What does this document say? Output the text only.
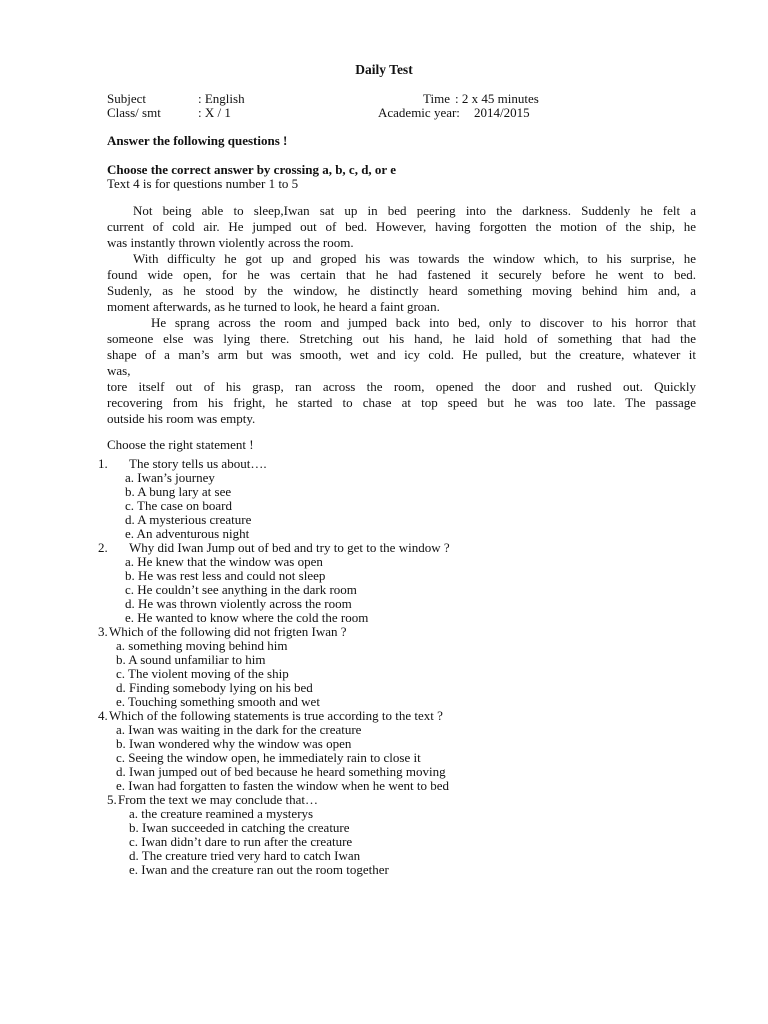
Daily Test
Subject	: English
Class/ smt	: X / 1
Time : 2 x 45 minutes
Academic year: 2014/2015
Answer the following questions !
Choose the correct answer by crossing a, b, c, d, or e
Text 4 is for questions number 1 to 5
Not being able to sleep,Iwan sat up in bed peering into the darkness. Suddenly he felt a
current of cold air. He jumped out of bed. However, having forgotten the motion of the ship, he
was instantly thrown violently across the room.
With difficulty he got up and groped his was towards the window which, to his surprise, he
found wide open, for he was certain that he had fastened it securely before he went to bed.
Sudenly, as he stood by the window, he distinctly heard something moving behind him and, a
moment afterwards, as he turned to look, he heard a faint groan.
He sprang across the room and jumped back into bed, only to discover to his horror that
someone else was lying there. Stretching out his hand, he laid hold of something that had the
shape of a man’s arm but was smooth, wet and icy cold. He pulled, but the creature, whatever it
was,
tore itself out of his grasp, ran across the room, opened the door and rushed out. Quickly
recovering from his fright, he started to chase at top speed but he was too late. The passage
outside his room was empty.
Choose the right statement !
1. The story tells us about….
a. Iwan’s journey
b. A bung lary at see
c. The case on board
d. A mysterious creature
e. An adventurous night
2. Why did Iwan Jump out of bed and try to get to the window ?
a. He knew that the window was open
b. He was rest less and could not sleep
c. He couldn’t see anything in the dark room
d. He was thrown violently across the room
e. He wanted to know where the cold the room
3. Which of the following did not frigten Iwan ?
a. something moving behind him
b. A sound unfamiliar to him
c. The violent moving of the ship
d. Finding somebody lying on his bed
e. Touching something smooth and wet
4. Which of the following statements is true according to the text ?
a. Iwan was waiting in the dark for the creature
b. Iwan wondered why the window was open
c. Seeing the window open, he immediately rain to close it
d. Iwan jumped out of bed because he heard something moving
e. Iwan had forgatten to fasten the window when he went to bed
5. From the text we may conclude that…
a. the creature reamined a mysterys
b. Iwan succeeded in catching the creature
c. Iwan didn’t dare to run after the creature
d. The creature tried very hard to catch Iwan
e. Iwan and the creature ran out the room together
